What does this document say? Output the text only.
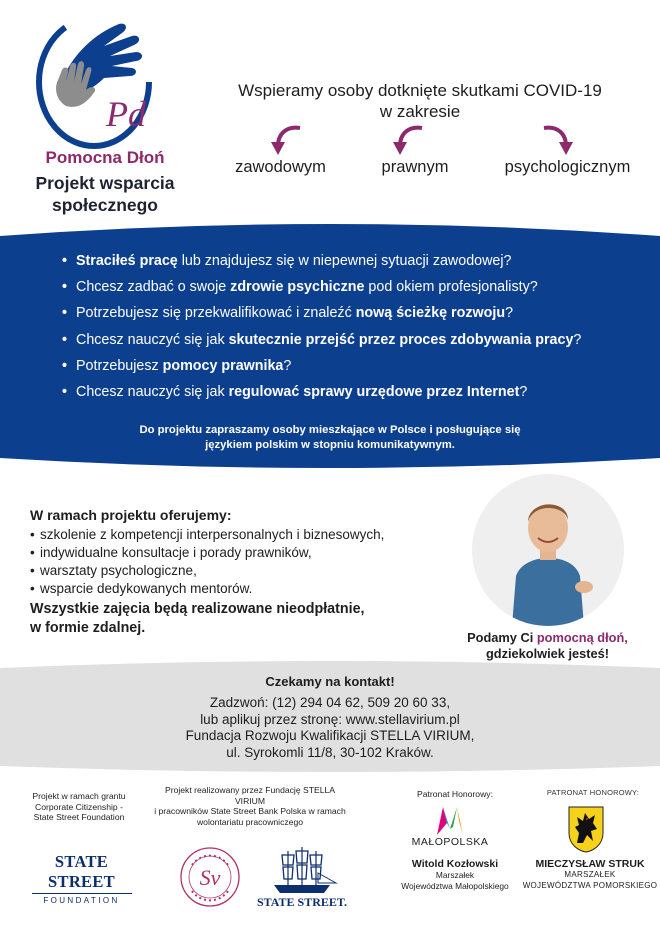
Pd
Pomocna Dłoń
Projekt wsparcia
społecznego
Wspieramy osoby dotknięte skutkami COVID-19
w zakresie
zawodowym	prawnym	psychologicznym
• Straciłeś pracę lub znajdujesz się w niepewnej sytuacji zawodowej?
• Chcesz zadbać o swoje zdrowie psychiczne pod okiem profesjonalisty?
• Potrzebujesz się przekwalifikować i znaleźć nową ścieżkę rozwoju?
• Chcesz nauczyć się jak skutecznie przejść przez proces zdobywania pracy?
• Potrzebujesz pomocy prawnika?
• Chcesz nauczyć się jak regulować sprawy urzędowe przez Internet?
Do projektu zapraszamy osoby mieszkające w Polsce i posługujące się
językiem polskim w stopniu komunikatywnym.
W ramach projektu oferujemy:
• szkolenie z kompetencji interpersonalnych i biznesowych,
• indywidualne konsultacje i porady prawników,
• warsztaty psychologiczne,
• wsparcie dedykowanych mentorów.
Wszystkie zajęcia będą realizowane nieodpłatnie,
w formie zdalnej.
Podamy Ci pomocną dłoń,
gdziekolwiek jesteś!
Czekamy na kontakt!
Zadzwoń: (12) 294 04 62, 509 20 60 33,
lub aplikuj przez stronę: www.stellavirium.pl
Fundacja Rozwoju Kwalifikacji STELLA VIRIUM,
ul. Syrokomli 11/8, 30-102 Kraków.
Projekt w ramach grantu
Corporate Citizenship -
State Street Foundation
Projekt realizowany przez Fundację STELLA VIRIUM
i pracowników State Street Bank Polska w ramach
wolontariatu pracowniczego
Patronat Honorowy:	PATRONAT HONOROWY:
STATE STREET
FOUNDATION
Sv
STATE STREET.
MAŁOPOLSKA
Witold Kozłowski
Marszałek
Województwa Małopolskiego
MIECZYSŁAW STRUK
MARSZAŁEK
WOJEWÓDZTWA POMORSKIEGO
